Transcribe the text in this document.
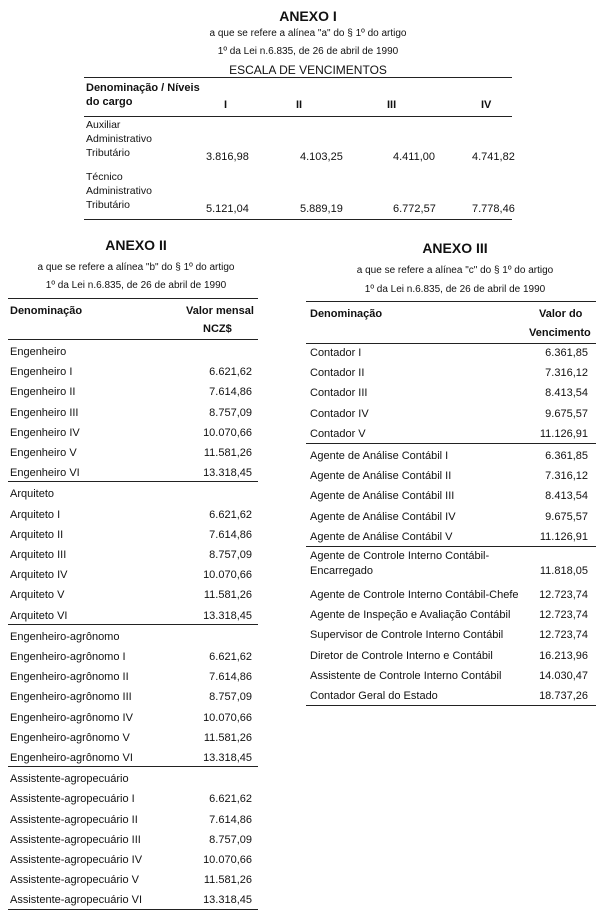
ANEXO I
a que se refere a alínea "a" do § 1º do artigo
1º da Lei n.6.835, de 26 de abril de 1990
ESCALA DE VENCIMENTOS
Denominação / Níveis do cargo	I	II	III	IV
Auxiliar Administrativo Tributário	3.816,98	4.103,25	4.411,00	4.741,82
Técnico Administrativo Tributário	5.121,04	5.889,19	6.772,57	7.778,46
ANEXO II
a que se refere a alínea "b" do § 1º do artigo
1º da Lei n.6.835, de 26 de abril de 1990
Denominação	Valor mensal
NCZ$
Engenheiro
Engenheiro I	6.621,62
Engenheiro II	7.614,86
Engenheiro III	8.757,09
Engenheiro IV	10.070,66
Engenheiro V	11.581,26
Engenheiro VI	13.318,45
Arquiteto
Arquiteto I	6.621,62
Arquiteto II	7.614,86
Arquiteto III	8.757,09
Arquiteto IV	10.070,66
Arquiteto V	11.581,26
Arquiteto VI	13.318,45
Engenheiro-agrônomo
Engenheiro-agrônomo I	6.621,62
Engenheiro-agrônomo II	7.614,86
Engenheiro-agrônomo III	8.757,09
Engenheiro-agrônomo IV	10.070,66
Engenheiro-agrônomo V	11.581,26
Engenheiro-agrônomo VI	13.318,45
Assistente-agropecuário
Assistente-agropecuário I	6.621,62
Assistente-agropecuário II	7.614,86
Assistente-agropecuário III	8.757,09
Assistente-agropecuário IV	10.070,66
Assistente-agropecuário V	11.581,26
Assistente-agropecuário VI	13.318,45
ANEXO III
a que se refere a alínea "c" do § 1º do artigo
1º da Lei n.6.835, de 26 de abril de 1990
Denominação	Valor do
Vencimento
Contador I	6.361,85
Contador II	7.316,12
Contador III	8.413,54
Contador IV	9.675,57
Contador V	11.126,91
Agente de Análise Contábil I	6.361,85
Agente de Análise Contábil II	7.316,12
Agente de Análise Contábil III	8.413,54
Agente de Análise Contábil IV	9.675,57
Agente de Análise Contábil V	11.126,91
Agente de Controle Interno Contábil-
Encarregado	11.818,05
Agente de Controle Interno Contábil-Chefe 12.723,74
Agente de Inspeção e Avaliação Contábil	12.723,74
Supervisor de Controle Interno Contábil	12.723,74
Diretor de Controle Interno e Contábil	16.213,96
Assistente de Controle Interno Contábil	14.030,47
Contador Geral do Estado	18.737,26
